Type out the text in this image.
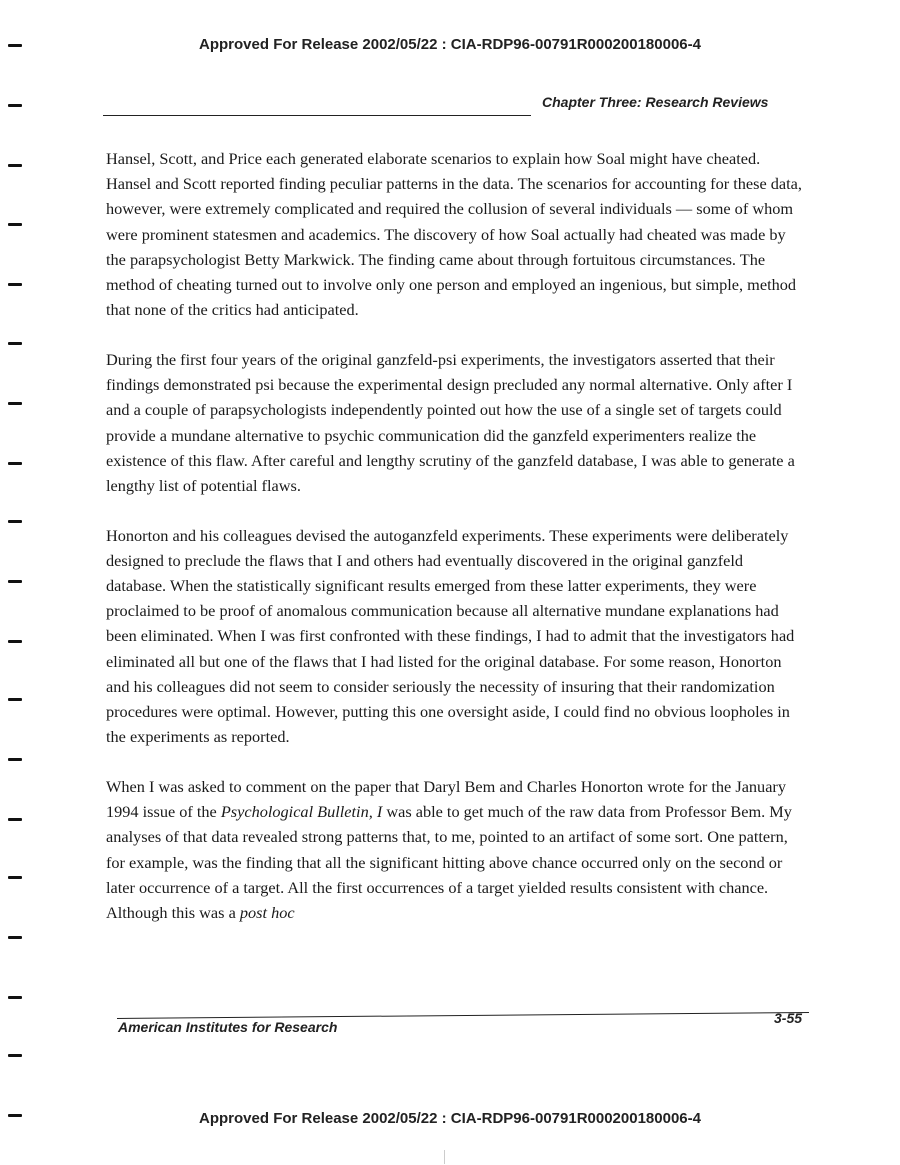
Approved For Release 2002/05/22 : CIA-RDP96-00791R000200180006-4
Chapter Three: Research Reviews

Hansel, Scott, and Price each generated elaborate scenarios to explain how Soal might have cheated. Hansel and Scott reported finding peculiar patterns in the data. The scenarios for accounting for these data, however, were extremely complicated and required the collusion of several individuals — some of whom were prominent statesmen and academics. The discovery of how Soal actually had cheated was made by the parapsychologist Betty Markwick. The finding came about through fortuitous circumstances. The method of cheating turned out to involve only one person and employed an ingenious, but simple, method that none of the critics had anticipated.

During the first four years of the original ganzfeld-psi experiments, the investigators asserted that their findings demonstrated psi because the experimental design precluded any normal alternative. Only after I and a couple of parapsychologists independently pointed out how the use of a single set of targets could provide a mundane alternative to psychic communication did the ganzfeld experimenters realize the existence of this flaw. After careful and lengthy scrutiny of the ganzfeld database, I was able to generate a lengthy list of potential flaws.

Honorton and his colleagues devised the autoganzfeld experiments. These experiments were deliberately designed to preclude the flaws that I and others had eventually discovered in the original ganzfeld database. When the statistically significant results emerged from these latter experiments, they were proclaimed to be proof of anomalous communication because all alternative mundane explanations had been eliminated. When I was first confronted with these findings, I had to admit that the investigators had eliminated all but one of the flaws that I had listed for the original database. For some reason, Honorton and his colleagues did not seem to consider seriously the necessity of insuring that their randomization procedures were optimal. However, putting this one oversight aside, I could find no obvious loopholes in the experiments as reported.

When I was asked to comment on the paper that Daryl Bem and Charles Honorton wrote for the January 1994 issue of the Psychological Bulletin, I was able to get much of the raw data from Professor Bem. My analyses of that data revealed strong patterns that, to me, pointed to an artifact of some sort. One pattern, for example, was the finding that all the significant hitting above chance occurred only on the second or later occurrence of a target. All the first occurrences of a target yielded results consistent with chance. Although this was a post hoc

American Institutes for Research
3-55
Approved For Release 2002/05/22 : CIA-RDP96-00791R000200180006-4
